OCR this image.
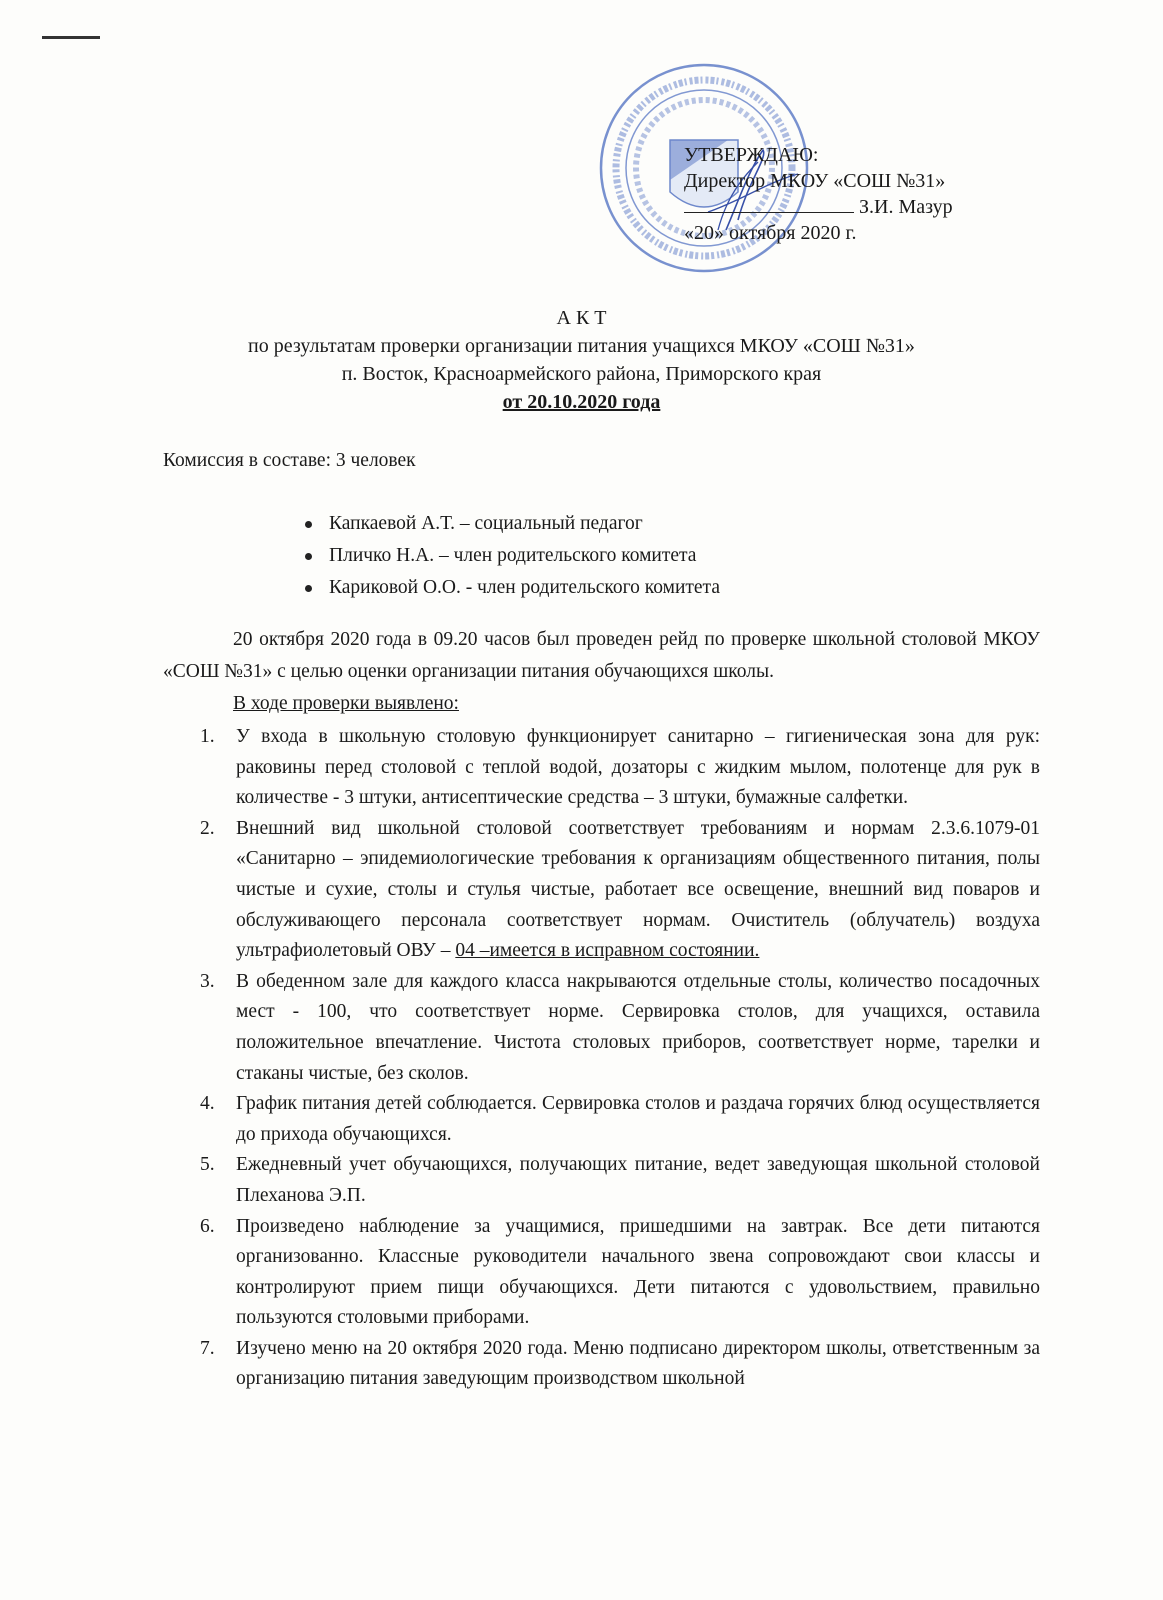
УТВЕРЖДАЮ:
Директор МКОУ «СОШ №31»
З.И. Мазур
«20» октября 2020 г.
А К Т
по результатам проверки организации питания учащихся МКОУ «СОШ №31»
п. Восток, Красноармейского района, Приморского края
от 20.10.2020 года
Комиссия в составе: 3 человек
Капкаевой А.Т. – социальный педагог
Пличко Н.А. – член родительского комитета
Кариковой О.О. - член родительского комитета
20 октября 2020 года в 09.20 часов был проведен рейд по проверке школьной столовой МКОУ «СОШ №31» с целью оценки организации питания обучающихся школы.
В ходе проверки выявлено:
1.	У входа в школьную столовую функционирует санитарно – гигиеническая зона для рук: раковины перед столовой с теплой водой, дозаторы с жидким мылом, полотенце для рук в количестве - 3 штуки, антисептические средства – 3 штуки, бумажные салфетки.
2.	Внешний вид школьной столовой соответствует требованиям и нормам 2.3.6.1079-01 «Санитарно – эпидемиологические требования к организациям общественного питания, полы чистые и сухие, столы и стулья чистые, работает все освещение, внешний вид поваров и обслуживающего персонала соответствует нормам. Очиститель (облучатель) воздуха ультрафиолетовый ОВУ – 04 –имеется в исправном состоянии.
3.	В обеденном зале для каждого класса накрываются отдельные столы, количество посадочных мест - 100, что соответствует норме. Сервировка столов, для учащихся, оставила положительное впечатление. Чистота столовых приборов, соответствует норме, тарелки и стаканы чистые, без сколов.
4.	График питания детей соблюдается. Сервировка столов и раздача горячих блюд осуществляется до прихода обучающихся.
5.	Ежедневный учет обучающихся, получающих питание, ведет заведующая школьной столовой Плеханова Э.П.
6.	Произведено наблюдение за учащимися, пришедшими на завтрак. Все дети питаются организованно. Классные руководители начального звена сопровождают свои классы и контролируют прием пищи обучающихся. Дети питаются с удовольствием, правильно пользуются столовыми приборами.
7.	Изучено меню на 20 октября 2020 года. Меню подписано директором школы, ответственным за организацию питания заведующим производством школьной
